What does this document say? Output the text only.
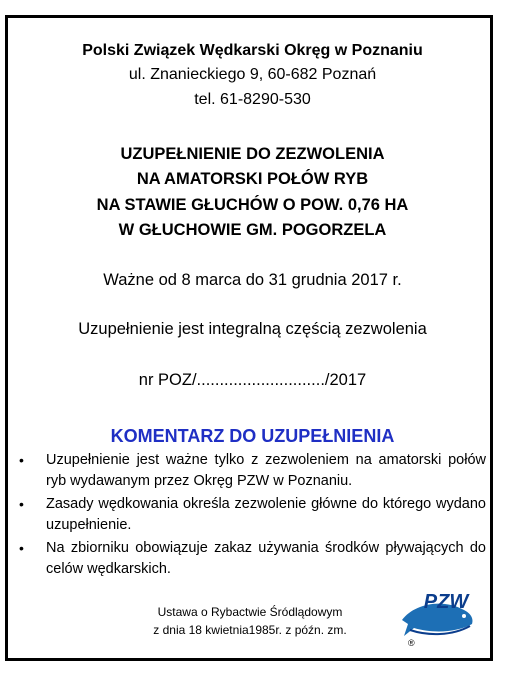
Polski Związek Wędkarski Okręg w Poznaniu
ul. Znanieckiego 9, 60-682 Poznań
tel. 61-8290-530
UZUPEŁNIENIE DO ZEZWOLENIA
NA AMATORSKI POŁÓW RYB
NA STAWIE GŁUCHÓW O POW. 0,76 HA
W GŁUCHOWIE GM. POGORZELA
Ważne od 8 marca do 31 grudnia 2017 r.
Uzupełnienie jest integralną częścią zezwolenia
nr POZ/............................/2017
KOMENTARZ DO UZUPEŁNIENIA
• Uzupełnienie jest ważne tylko z zezwoleniem na amatorski połów ryb wydawanym przez Okręg PZW w Poznaniu.
• Zasady wędkowania określa zezwolenie główne do którego wydano uzupełnienie.
• Na zbiorniku obowiązuje zakaz używania środków pływających do celów wędkarskich.
Ustawa o Rybactwie Śródlądowym
z dnia 18 kwietnia1985r. z późn. zm.
PZW
®
